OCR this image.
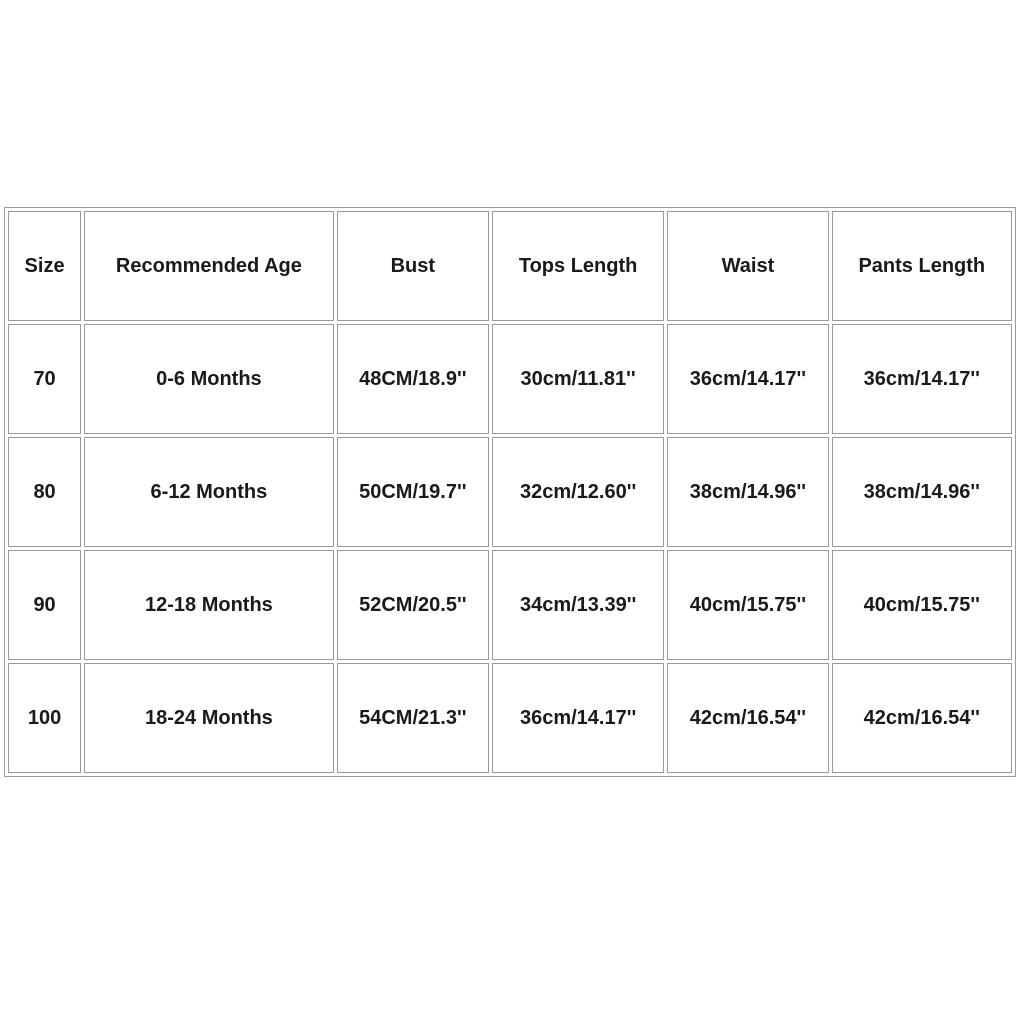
Size	Recommended Age	Bust	Tops Length	Waist	Pants Length
70	0-6 Months	48CM/18.9''	30cm/11.81''	36cm/14.17''	36cm/14.17''
80	6-12 Months	50CM/19.7''	32cm/12.60''	38cm/14.96''	38cm/14.96''
90	12-18 Months	52CM/20.5''	34cm/13.39''	40cm/15.75''	40cm/15.75''
100	18-24 Months	54CM/21.3''	36cm/14.17''	42cm/16.54''	42cm/16.54''
